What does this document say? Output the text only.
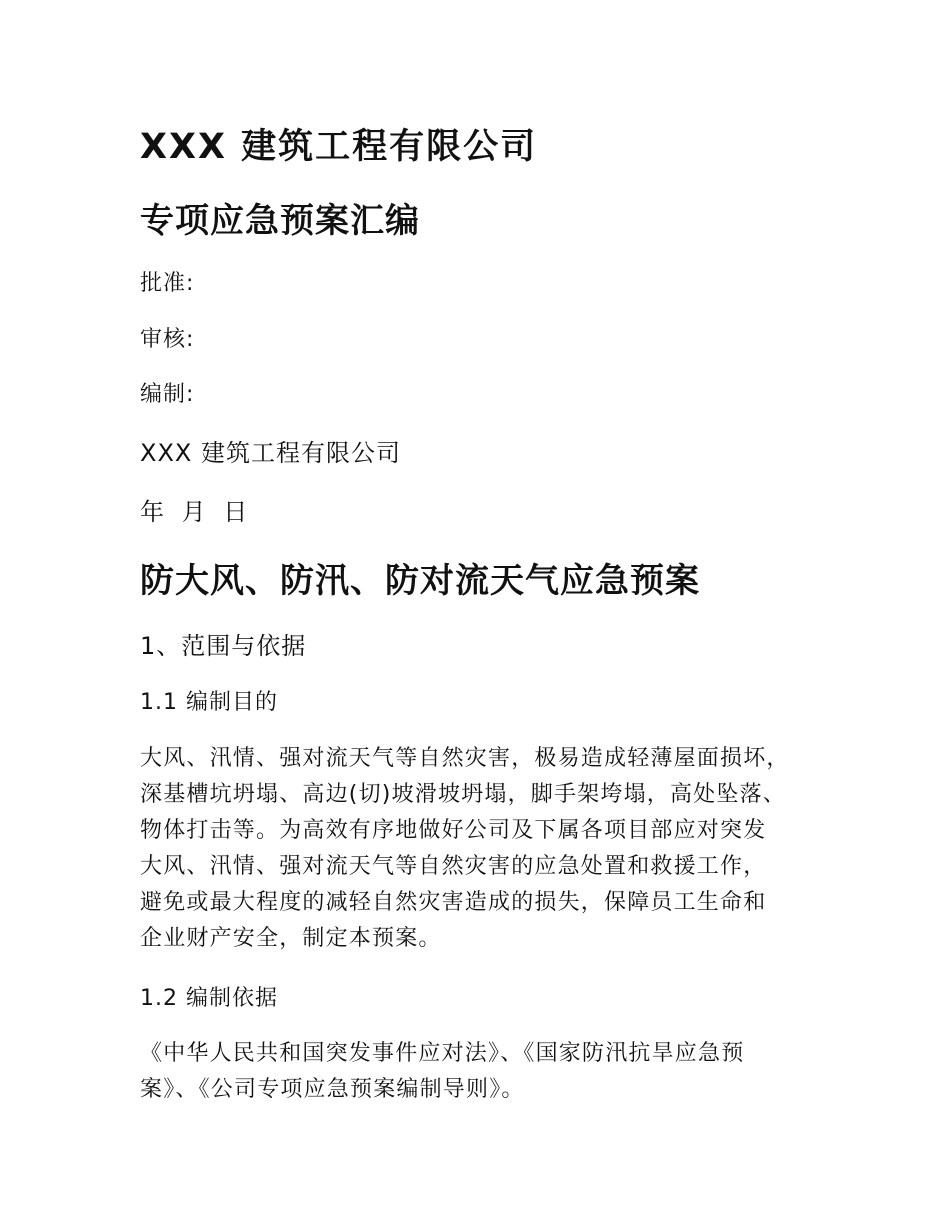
XXX 建筑工程有限公司
专项应急预案汇编

批准:

审核:

编制:

XXX 建筑工程有限公司

年 月 日

防大风、防汛、防对流天气应急预案
1、范围与依据
1.1 编制目的
大风、汛情、强对流天气等自然灾害，极易造成轻薄屋面损坏，
深基槽坑坍塌、高边(切)坡滑坡坍塌，脚手架垮塌，高处坠落、
物体打击等。为高效有序地做好公司及下属各项目部应对突发
大风、汛情、强对流天气等自然灾害的应急处置和救援工作，
避免或最大程度的减轻自然灾害造成的损失，保障员工生命和
企业财产安全，制定本预案。
1.2 编制依据
《中华人民共和国突发事件应对法》、《国家防汛抗旱应急预
案》、《公司专项应急预案编制导则》。
